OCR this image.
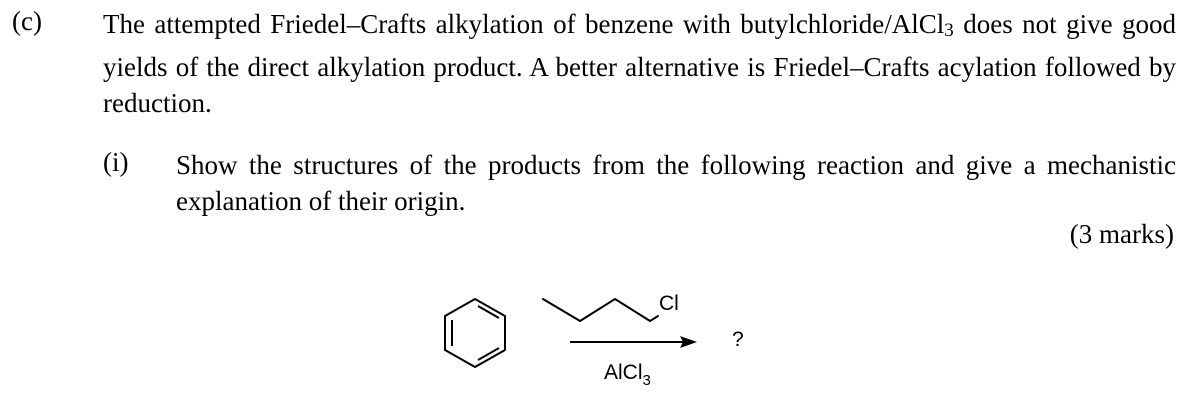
(c) The attempted Friedel–Crafts alkylation of benzene with butylchloride/AlCl3 does not give good yields of the direct alkylation product. A better alternative is Friedel–Crafts acylation followed by reduction.
(i) Show the structures of the products from the following reaction and give a mechanistic explanation of their origin.
(3 marks)
Cl
AlCl$_3$
?
